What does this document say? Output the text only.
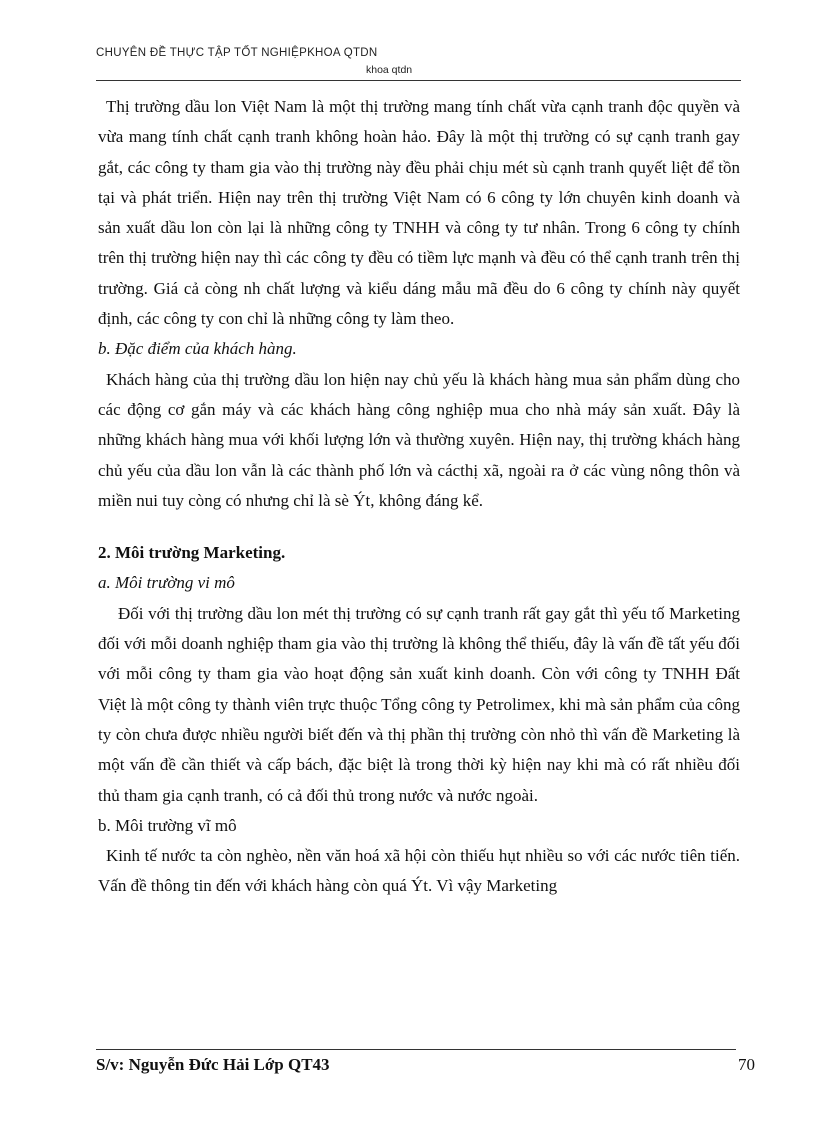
CHUYÊN ĐỀ THỰC TẬP TỐT NGHIỆPKHOA QTDN
khoa qtdn

Thị trường dầu lon Việt Nam là một thị trường mang tính chất vừa cạnh tranh độc quyền và vừa mang tính chất cạnh tranh không hoàn hảo. Đây là một thị trường có sự cạnh tranh gay gắt, các công ty tham gia vào thị trường này đều phải chịu mét sù cạnh tranh quyết liệt để tồn tại và phát triển. Hiện nay trên thị trường Việt Nam có 6 công ty lớn chuyên kinh doanh và sản xuất dầu lon còn lại là những công ty TNHH và công ty tư nhân. Trong 6 công ty chính trên thị trường hiện nay thì các công ty đều có tiềm lực mạnh và đều có thể cạnh tranh trên thị trường. Giá cả còng nh chất lượng và kiểu dáng mẫu mã đều do 6 công ty chính này quyết định, các công ty con chỉ là những công ty làm theo.

b. Đặc điểm của khách hàng.

Khách hàng của thị trường dầu lon hiện nay chủ yếu là khách hàng mua sản phẩm dùng cho các động cơ gắn máy và các khách hàng công nghiệp mua cho nhà máy sản xuất. Đây là những khách hàng mua với khối lượng lớn và thường xuyên. Hiện nay, thị trường khách hàng chủ yếu của dầu lon vẫn là các thành phố lớn và cácthị xã, ngoài ra ở các vùng nông thôn và miền nui tuy còng có nhưng chỉ là sè Ýt, không đáng kể.

2. Môi trường Marketing.

a. Môi trường vi mô

Đối với thị trường dầu lon mét thị trường có sự cạnh tranh rất gay gắt thì yếu tố Marketing đối với mỗi doanh nghiệp tham gia vào thị trường là không thể thiếu, đây là vấn đề tất yếu đối với mỗi công ty tham gia vào hoạt động sản xuất kinh doanh. Còn với công ty TNHH Đất Việt là một công ty thành viên trực thuộc Tổng công ty Petrolimex, khi mà sản phẩm của công ty còn chưa được nhiều người biết đến và thị phần thị trường còn nhỏ thì vấn đề Marketing là một vấn đề cần thiết và cấp bách, đặc biệt là trong thời kỳ hiện nay khi mà có rất nhiều đối thủ tham gia cạnh tranh, có cả đối thủ trong nước và nước ngoài.

b. Môi trường vĩ mô

Kinh tế nước ta còn nghèo, nền văn hoá xã hội còn thiếu hụt nhiều so với các nước tiên tiến. Vấn đề thông tin đến với khách hàng còn quá Ýt. Vì vậy Marketing

S/v: Nguyễn Đức Hải Lớp QT43	70
